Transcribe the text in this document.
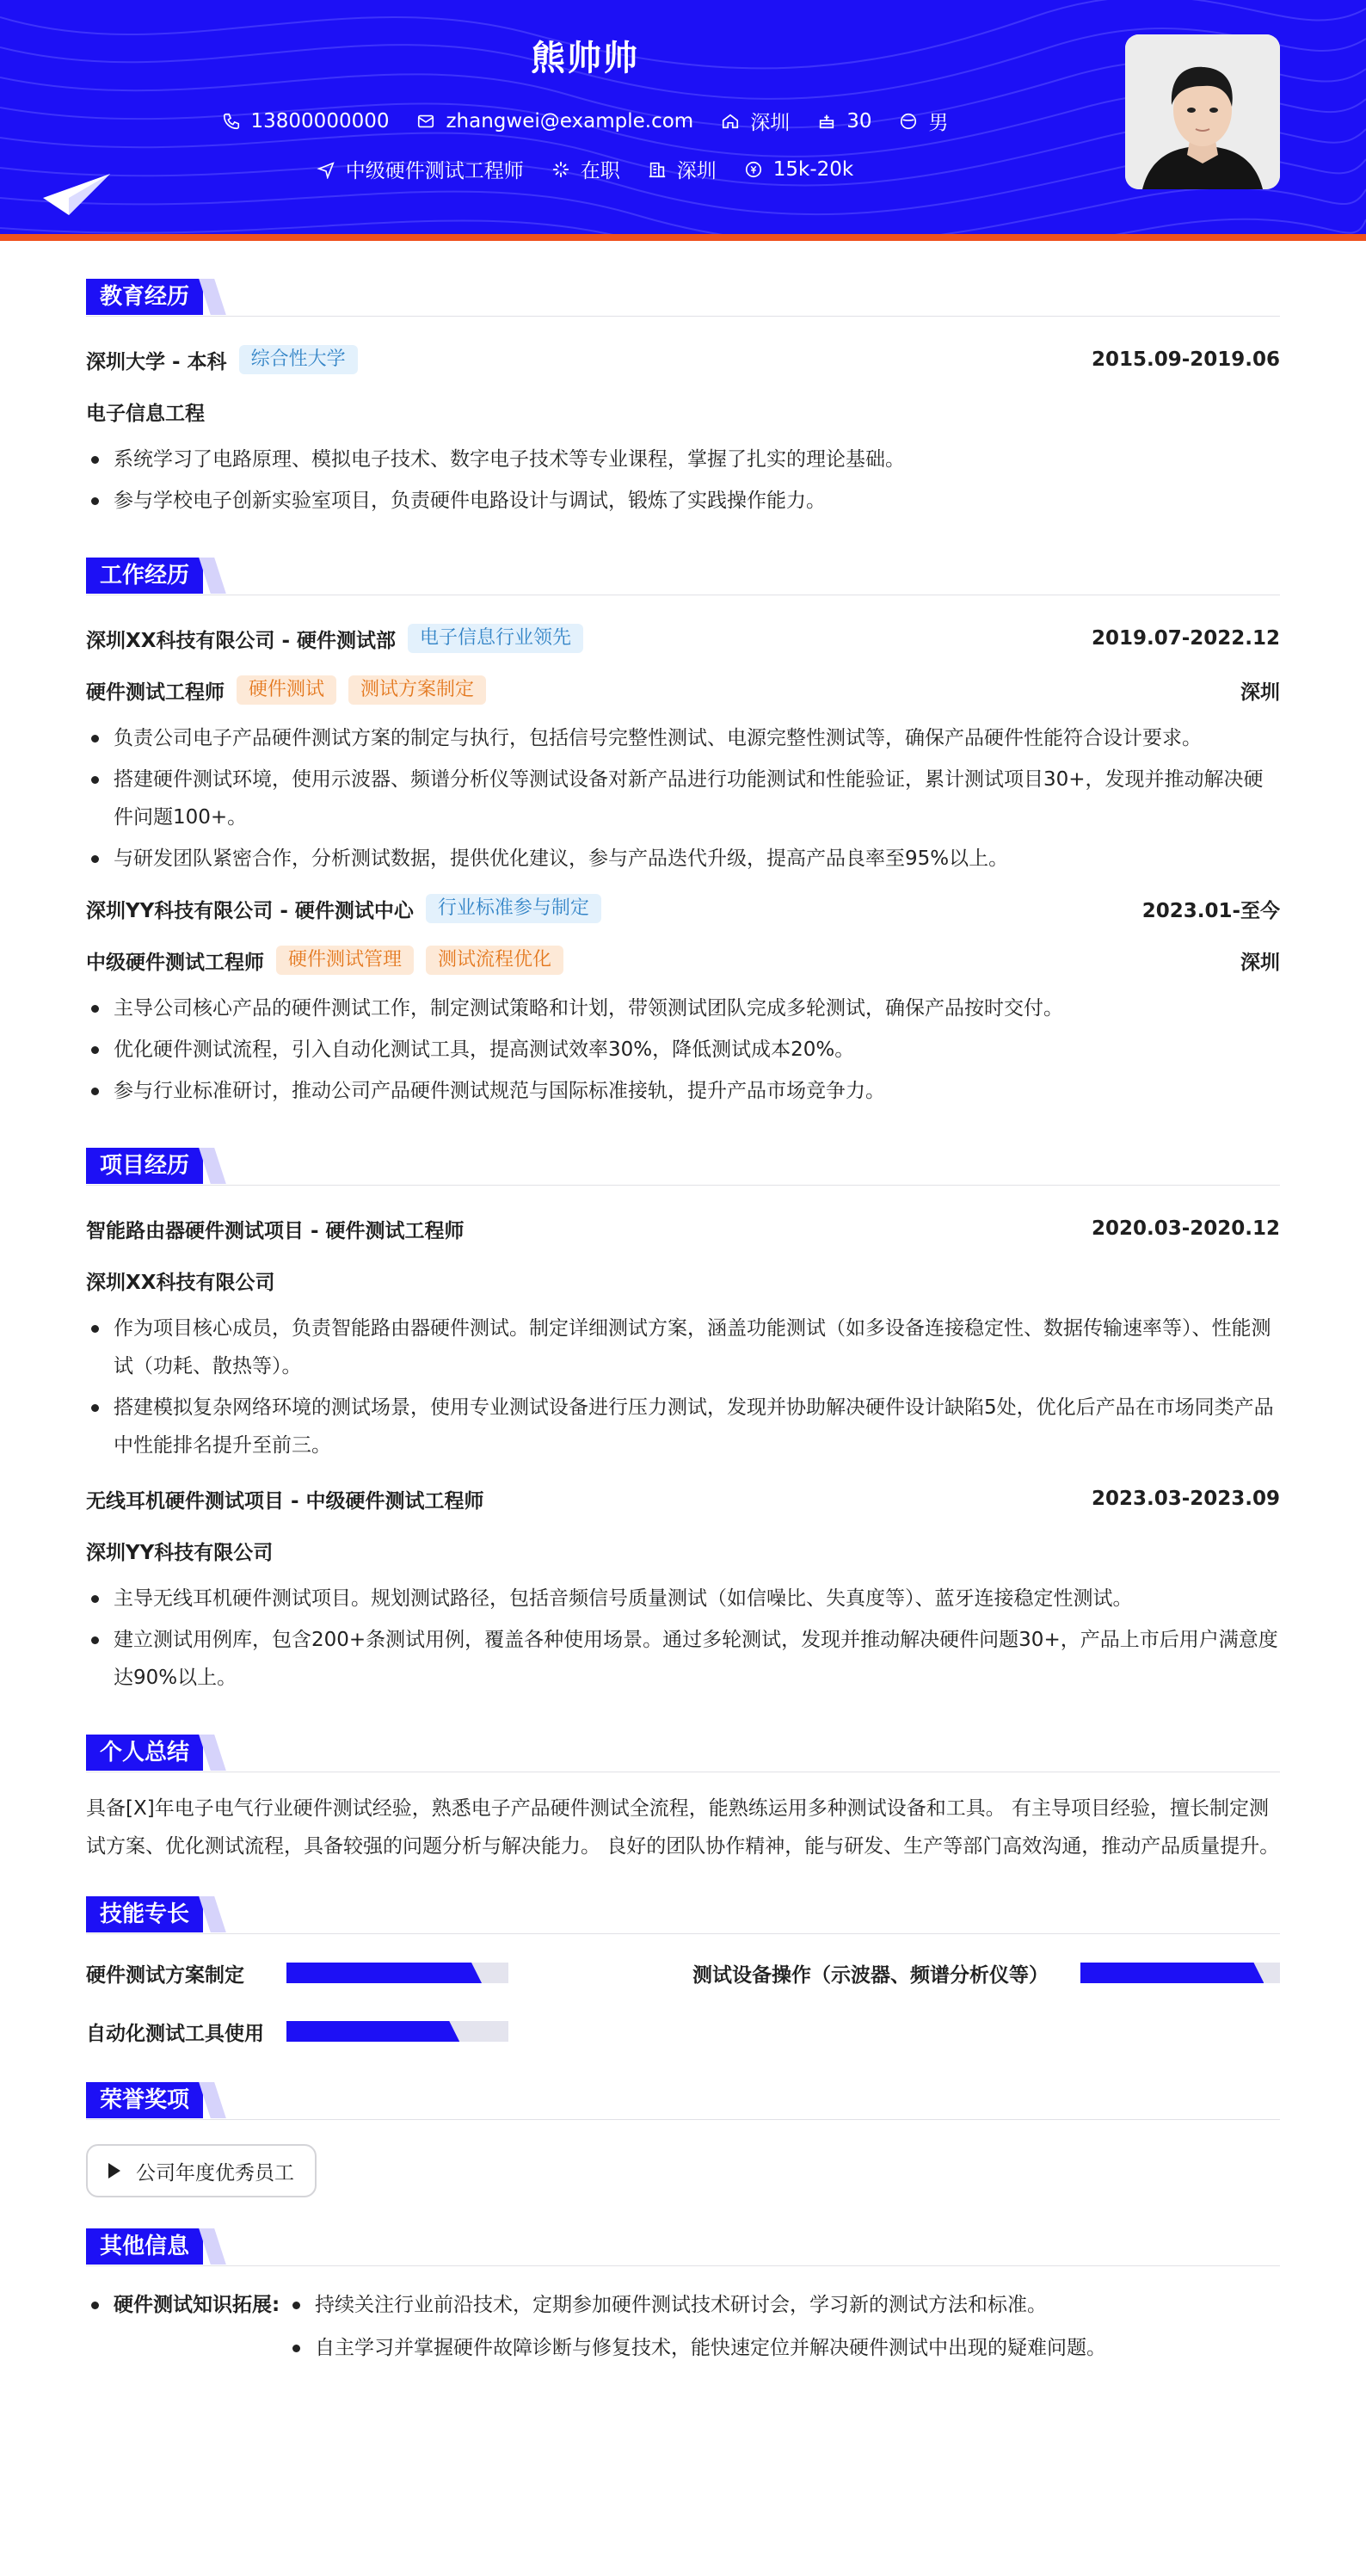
熊帅帅
13800000000	zhangwei@example.com	深圳	30	男
中级硬件测试工程师	在职	深圳	15k-20k
教育经历
深圳大学 - 本科	综合性大学	2015.09-2019.06
电子信息工程
系统学习了电路原理、模拟电子技术、数字电子技术等专业课程，掌握了扎实的理论基础。
参与学校电子创新实验室项目，负责硬件电路设计与调试，锻炼了实践操作能力。
工作经历
深圳XX科技有限公司 - 硬件测试部	电子信息行业领先	2019.07-2022.12
硬件测试工程师	硬件测试	测试方案制定	深圳
负责公司电子产品硬件测试方案的制定与执行，包括信号完整性测试、电源完整性测试等，确保产品硬件性能符合设计要求。
搭建硬件测试环境，使用示波器、频谱分析仪等测试设备对新产品进行功能测试和性能验证，累计测试项目30+，发现并推动解决硬件问题100+。
与研发团队紧密合作，分析测试数据，提供优化建议，参与产品迭代升级，提高产品良率至95%以上。
深圳YY科技有限公司 - 硬件测试中心	行业标准参与制定	2023.01-至今
中级硬件测试工程师	硬件测试管理	测试流程优化	深圳
主导公司核心产品的硬件测试工作，制定测试策略和计划，带领测试团队完成多轮测试，确保产品按时交付。
优化硬件测试流程，引入自动化测试工具，提高测试效率30%，降低测试成本20%。
参与行业标准研讨，推动公司产品硬件测试规范与国际标准接轨，提升产品市场竞争力。
项目经历
智能路由器硬件测试项目 - 硬件测试工程师	2020.03-2020.12
深圳XX科技有限公司
作为项目核心成员，负责智能路由器硬件测试。制定详细测试方案，涵盖功能测试（如多设备连接稳定性、数据传输速率等）、性能测试（功耗、散热等）。
搭建模拟复杂网络环境的测试场景，使用专业测试设备进行压力测试，发现并协助解决硬件设计缺陷5处，优化后产品在市场同类产品中性能排名提升至前三。
无线耳机硬件测试项目 - 中级硬件测试工程师	2023.03-2023.09
深圳YY科技有限公司
主导无线耳机硬件测试项目。规划测试路径，包括音频信号质量测试（如信噪比、失真度等）、蓝牙连接稳定性测试。
建立测试用例库，包含200+条测试用例，覆盖各种使用场景。通过多轮测试，发现并推动解决硬件问题30+，产品上市后用户满意度达90%以上。
个人总结

具备[X]年电子电气行业硬件测试经验，熟悉电子产品硬件测试全流程，能熟练运用多种测试设备和工具。 有主导项目经验，擅长制定测试方案、优化测试流程，具备较强的问题分析与解决能力。 良好的团队协作精神，能与研发、生产等部门高效沟通，推动产品质量提升。

技能专长
硬件测试方案制定	测试设备操作（示波器、频谱分析仪等）
自动化测试工具使用
荣誉奖项
公司年度优秀员工
其他信息
硬件测试知识拓展:	持续关注行业前沿技术，定期参加硬件测试技术研讨会，学习新的测试方法和标准。
自主学习并掌握硬件故障诊断与修复技术，能快速定位并解决硬件测试中出现的疑难问题。
